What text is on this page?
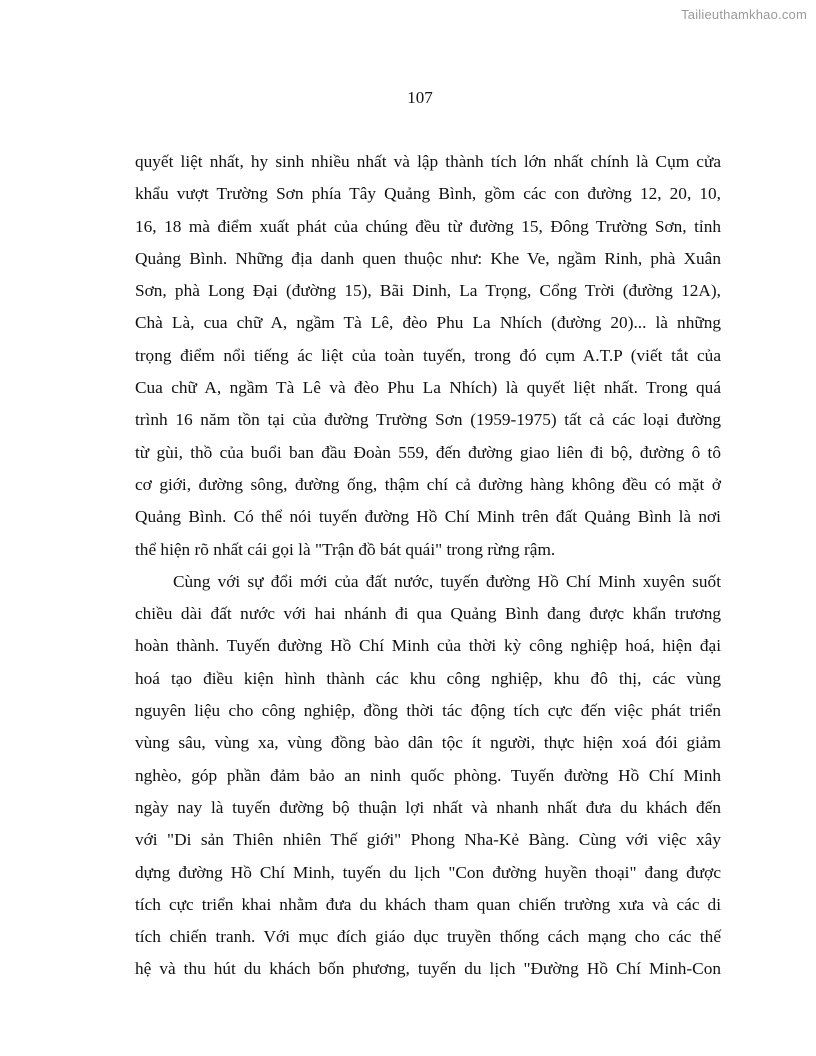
Tailieuthamkhao.com
107
quyết liệt nhất, hy sinh nhiều nhất và lập thành tích lớn nhất chính là Cụm cửa
khẩu vượt Trường Sơn phía Tây Quảng Bình, gồm các con đường 12, 20, 10,
16, 18 mà điểm xuất phát của chúng đều từ đường 15, Đông Trường Sơn, tỉnh
Quảng Bình. Những địa danh quen thuộc như: Khe Ve, ngầm Rinh, phà Xuân
Sơn, phà Long Đại (đường 15), Bãi Dinh, La Trọng, Cổng Trời (đường 12A),
Chà Là, cua chữ A, ngầm Tà Lê, đèo Phu La Nhích (đường 20)... là những
trọng điểm nổi tiếng ác liệt của toàn tuyến, trong đó cụm A.T.P (viết tắt của
Cua chữ A, ngầm Tà Lê và đèo Phu La Nhích) là quyết liệt nhất. Trong quá
trình 16 năm tồn tại của đường Trường Sơn (1959-1975) tất cả các loại đường
từ gùi, thồ của buổi ban đầu Đoàn 559, đến đường giao liên đi bộ, đường ô tô
cơ giới, đường sông, đường ống, thậm chí cả đường hàng không đều có mặt ở
Quảng Bình. Có thể nói tuyến đường Hồ Chí Minh trên đất Quảng Bình là nơi
thể hiện rõ nhất cái gọi là "Trận đồ bát quái" trong rừng rậm.
Cùng với sự đổi mới của đất nước, tuyến đường Hồ Chí Minh xuyên suốt
chiều dài đất nước với hai nhánh đi qua Quảng Bình đang được khẩn trương
hoàn thành. Tuyến đường Hồ Chí Minh của thời kỳ công nghiệp hoá, hiện đại
hoá tạo điều kiện hình thành các khu công nghiệp, khu đô thị, các vùng
nguyên liệu cho công nghiệp, đồng thời tác động tích cực đến việc phát triển
vùng sâu, vùng xa, vùng đồng bào dân tộc ít người, thực hiện xoá đói giảm
nghèo, góp phần đảm bảo an ninh quốc phòng. Tuyến đường Hồ Chí Minh
ngày nay là tuyến đường bộ thuận lợi nhất và nhanh nhất đưa du khách đến
với "Di sản Thiên nhiên Thế giới" Phong Nha-Kẻ Bàng. Cùng với việc xây
dựng đường Hồ Chí Minh, tuyến du lịch "Con đường huyền thoại" đang được
tích cực triển khai nhằm đưa du khách tham quan chiến trường xưa và các di
tích chiến tranh. Với mục đích giáo dục truyền thống cách mạng cho các thế
hệ và thu hút du khách bốn phương, tuyến du lịch "Đường Hồ Chí Minh-Con
